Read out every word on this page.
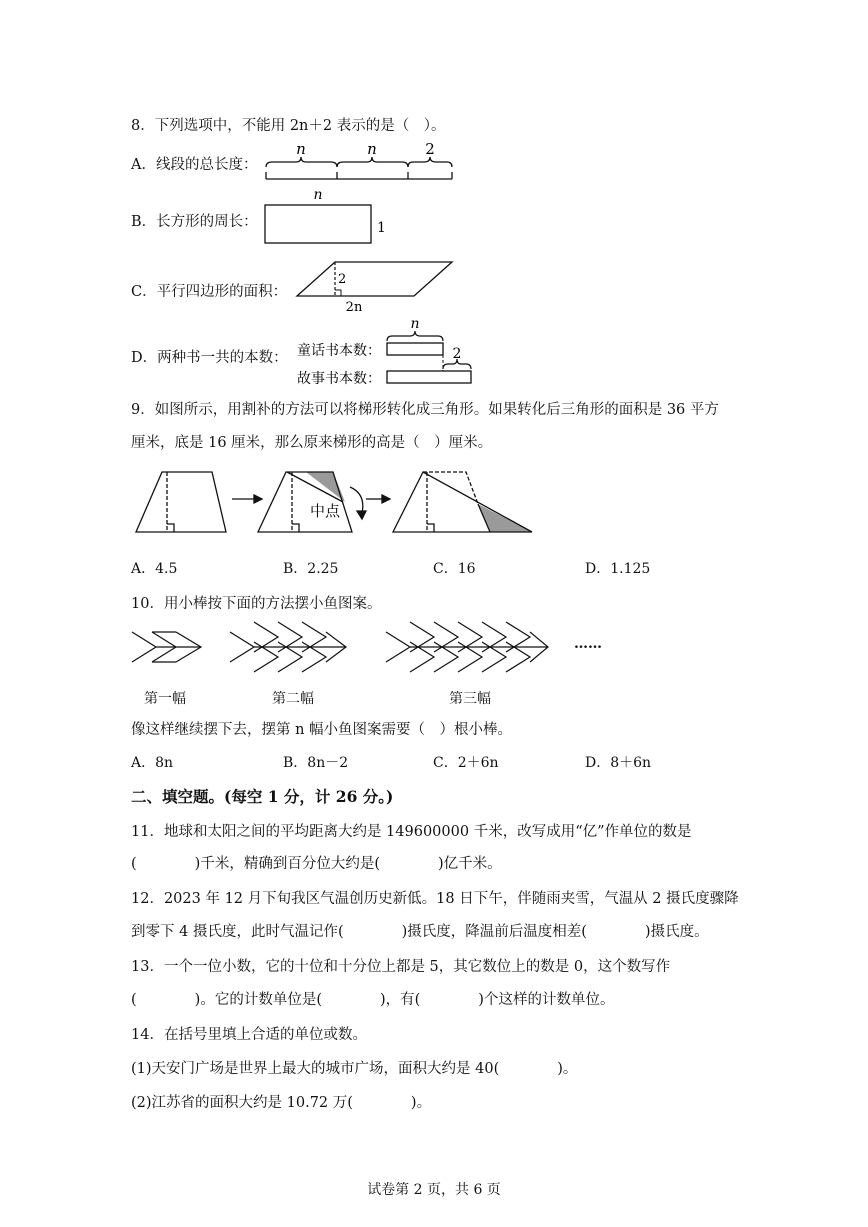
8．下列选项中，不能用 2n＋2 表示的是（　）。
A．线段的总长度：
B．长方形的周长：
C．平行四边形的面积：
D．两种书一共的本数：
n	n	2
n
1
2
2n
童话书本数：
故事书本数：
n
2
中点
9．如图所示，用割补的方法可以将梯形转化成三角形。如果转化后三角形的面积是 36 平方
厘米，底是 16 厘米，那么原来梯形的高是（　）厘米。
A．4.5	B．2.25	C．16	D．1.125
10．用小棒按下面的方法摆小鱼图案。
……
第一幅	第二幅	第三幅
像这样继续摆下去，摆第 n 幅小鱼图案需要（　）根小棒。
A．8n	B．8n－2	C．2＋6n	D．8＋6n
二、填空题。(每空 1 分，计 26 分。)
11．地球和太阳之间的平均距离大约是 149600000 千米，改写成用“亿”作单位的数是
(　　　　)千米，精确到百分位大约是(　　　　)亿千米。
12．2023 年 12 月下旬我区气温创历史新低。18 日下午，伴随雨夹雪，气温从 2 摄氏度骤降
到零下 4 摄氏度，此时气温记作(　　　　)摄氏度，降温前后温度相差(　　　　)摄氏度。
13．一个一位小数，它的十位和十分位上都是 5，其它数位上的数是 0，这个数写作
(　　　　)。它的计数单位是(　　　　)，有(　　　　)个这样的计数单位。
14．在括号里填上合适的单位或数。
(1)天安门广场是世界上最大的城市广场，面积大约是 40(　　　　)。
(2)江苏省的面积大约是 10.72 万(　　　　)。
试卷第 2 页，共 6 页
